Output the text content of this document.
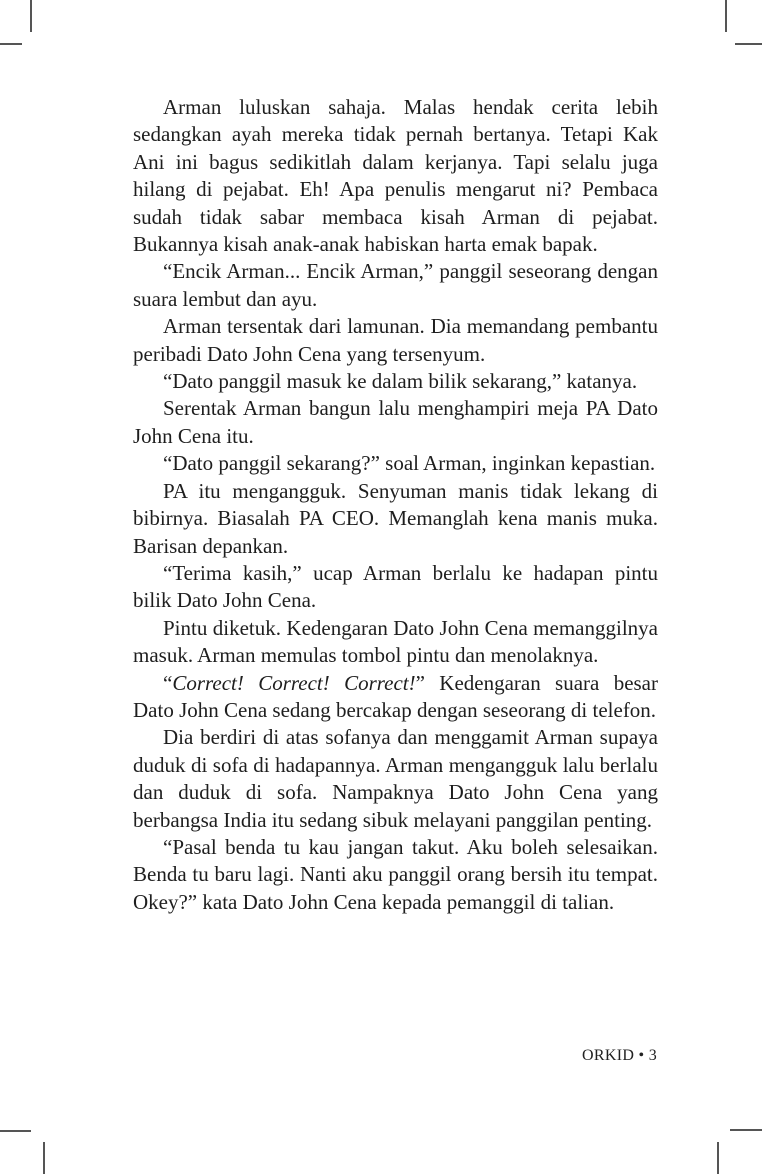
Arman luluskan sahaja. Malas hendak cerita lebih sedangkan ayah mereka tidak pernah bertanya. Tetapi Kak Ani ini bagus sedikitlah dalam kerjanya. Tapi selalu juga hilang di pejabat. Eh! Apa penulis mengarut ni? Pembaca sudah tidak sabar membaca kisah Arman di pejabat. Bukannya kisah anak-anak habiskan harta emak bapak.

“Encik Arman... Encik Arman,” panggil seseorang dengan suara lembut dan ayu.

Arman tersentak dari lamunan. Dia memandang pembantu peribadi Dato John Cena yang tersenyum.

“Dato panggil masuk ke dalam bilik sekarang,” katanya.

Serentak Arman bangun lalu menghampiri meja PA Dato John Cena itu.

“Dato panggil sekarang?” soal Arman, inginkan kepastian.

PA itu mengangguk. Senyuman manis tidak lekang di bibirnya. Biasalah PA CEO. Memanglah kena manis muka. Barisan depankan.

“Terima kasih,” ucap Arman berlalu ke hadapan pintu bilik Dato John Cena.

Pintu diketuk. Kedengaran Dato John Cena memanggilnya masuk. Arman memulas tombol pintu dan menolaknya.

“Correct! Correct! Correct!” Kedengaran suara besar Dato John Cena sedang bercakap dengan seseorang di telefon.

Dia berdiri di atas sofanya dan menggamit Arman supaya duduk di sofa di hadapannya. Arman mengangguk lalu berlalu dan duduk di sofa. Nampaknya Dato John Cena yang berbangsa India itu sedang sibuk melayani panggilan penting.

“Pasal benda tu kau jangan takut. Aku boleh selesaikan. Benda tu baru lagi. Nanti aku panggil orang bersih itu tempat. Okey?” kata Dato John Cena kepada pemanggil di talian.

ORKID • 3
